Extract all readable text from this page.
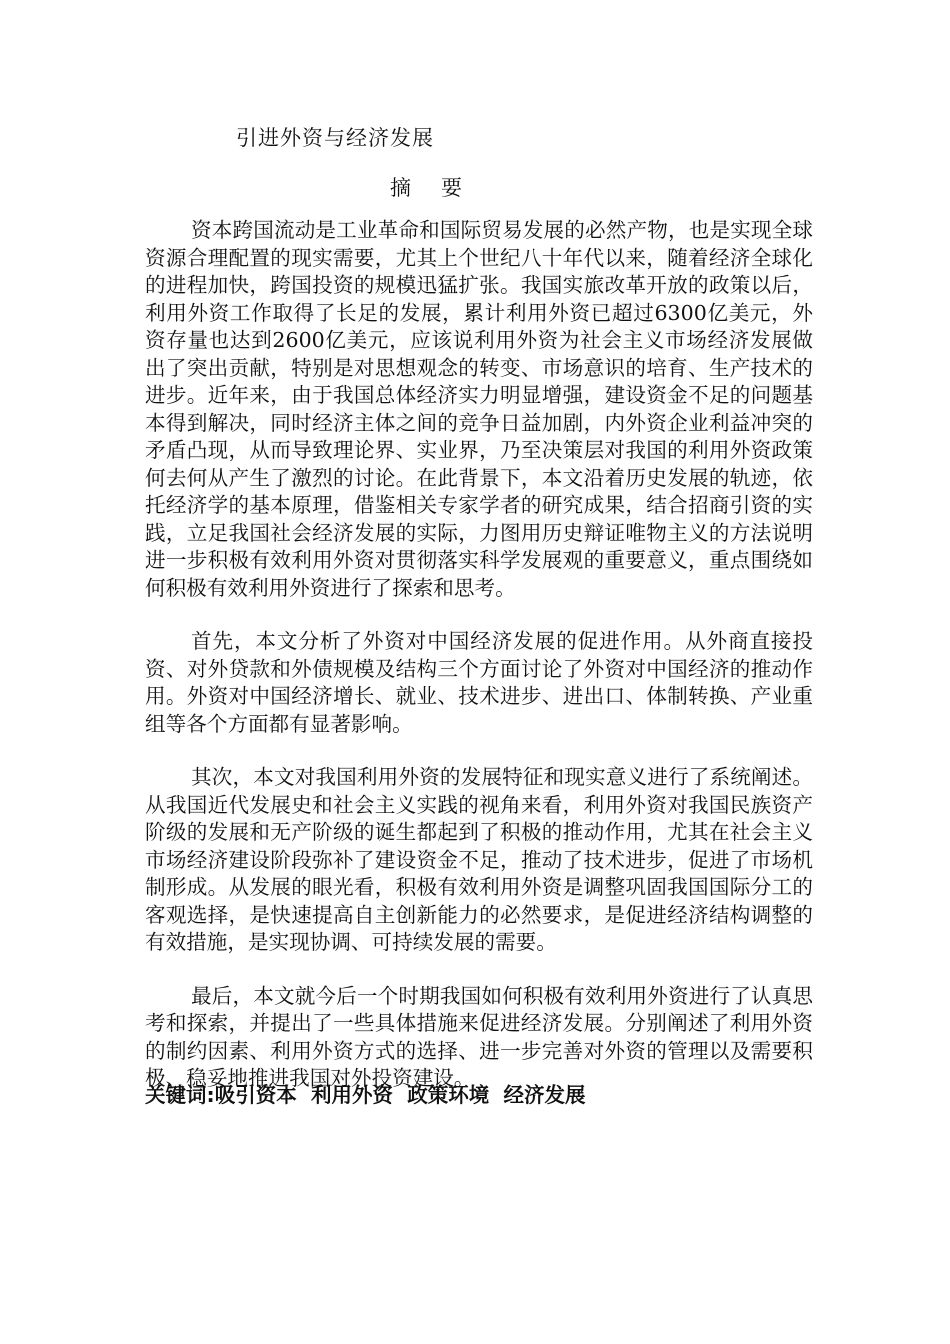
引进外资与经济发展
摘 要

资本跨国流动是工业革命和国际贸易发展的必然产物，也是实现全球资源合理配置的现实需要，尤其上个世纪八十年代以来，随着经济全球化的进程加快，跨国投资的规模迅猛扩张。我国实旅改革开放的政策以后，利用外资工作取得了长足的发展，累计利用外资已超过6300亿美元，外资存量也达到2600亿美元，应该说利用外资为社会主义市场经济发展做出了突出贡献，特别是对思想观念的转变、市场意识的培育、生产技术的进步。近年来，由于我国总体经济实力明显增强，建设资金不足的问题基本得到解决，同时经济主体之间的竞争日益加剧，内外资企业利益冲突的矛盾凸现，从而导致理论界、实业界，乃至决策层对我国的利用外资政策何去何从产生了激烈的讨论。在此背景下，本文沿着历史发展的轨迹，依托经济学的基本原理，借鉴相关专家学者的研究成果，结合招商引资的实践，立足我国社会经济发展的实际，力图用历史辩证唯物主义的方法说明进一步积极有效利用外资对贯彻落实科学发展观的重要意义，重点围绕如何积极有效利用外资进行了探索和思考。

首先，本文分析了外资对中国经济发展的促进作用。从外商直接投资、对外贷款和外债规模及结构三个方面讨论了外资对中国经济的推动作用。外资对中国经济增长、就业、技术进步、进出口、体制转换、产业重组等各个方面都有显著影响。

其次，本文对我国利用外资的发展特征和现实意义进行了系统阐述。从我国近代发展史和社会主义实践的视角来看，利用外资对我国民族资产阶级的发展和无产阶级的诞生都起到了积极的推动作用，尤其在社会主义市场经济建设阶段弥补了建设资金不足，推动了技术进步，促进了市场机制形成。从发展的眼光看，积极有效利用外资是调整巩固我国国际分工的客观选择，是快速提高自主创新能力的必然要求，是促进经济结构调整的有效措施，是实现协调、可持续发展的需要。

最后，本文就今后一个时期我国如何积极有效利用外资进行了认真思考和探索，并提出了一些具体措施来促进经济发展。分别阐述了利用外资的制约因素、利用外资方式的选择、进一步完善对外资的管理以及需要积极、稳妥地推进我国对外投资建设。

关键词:吸引资本  利用外资  政策环境  经济发展
